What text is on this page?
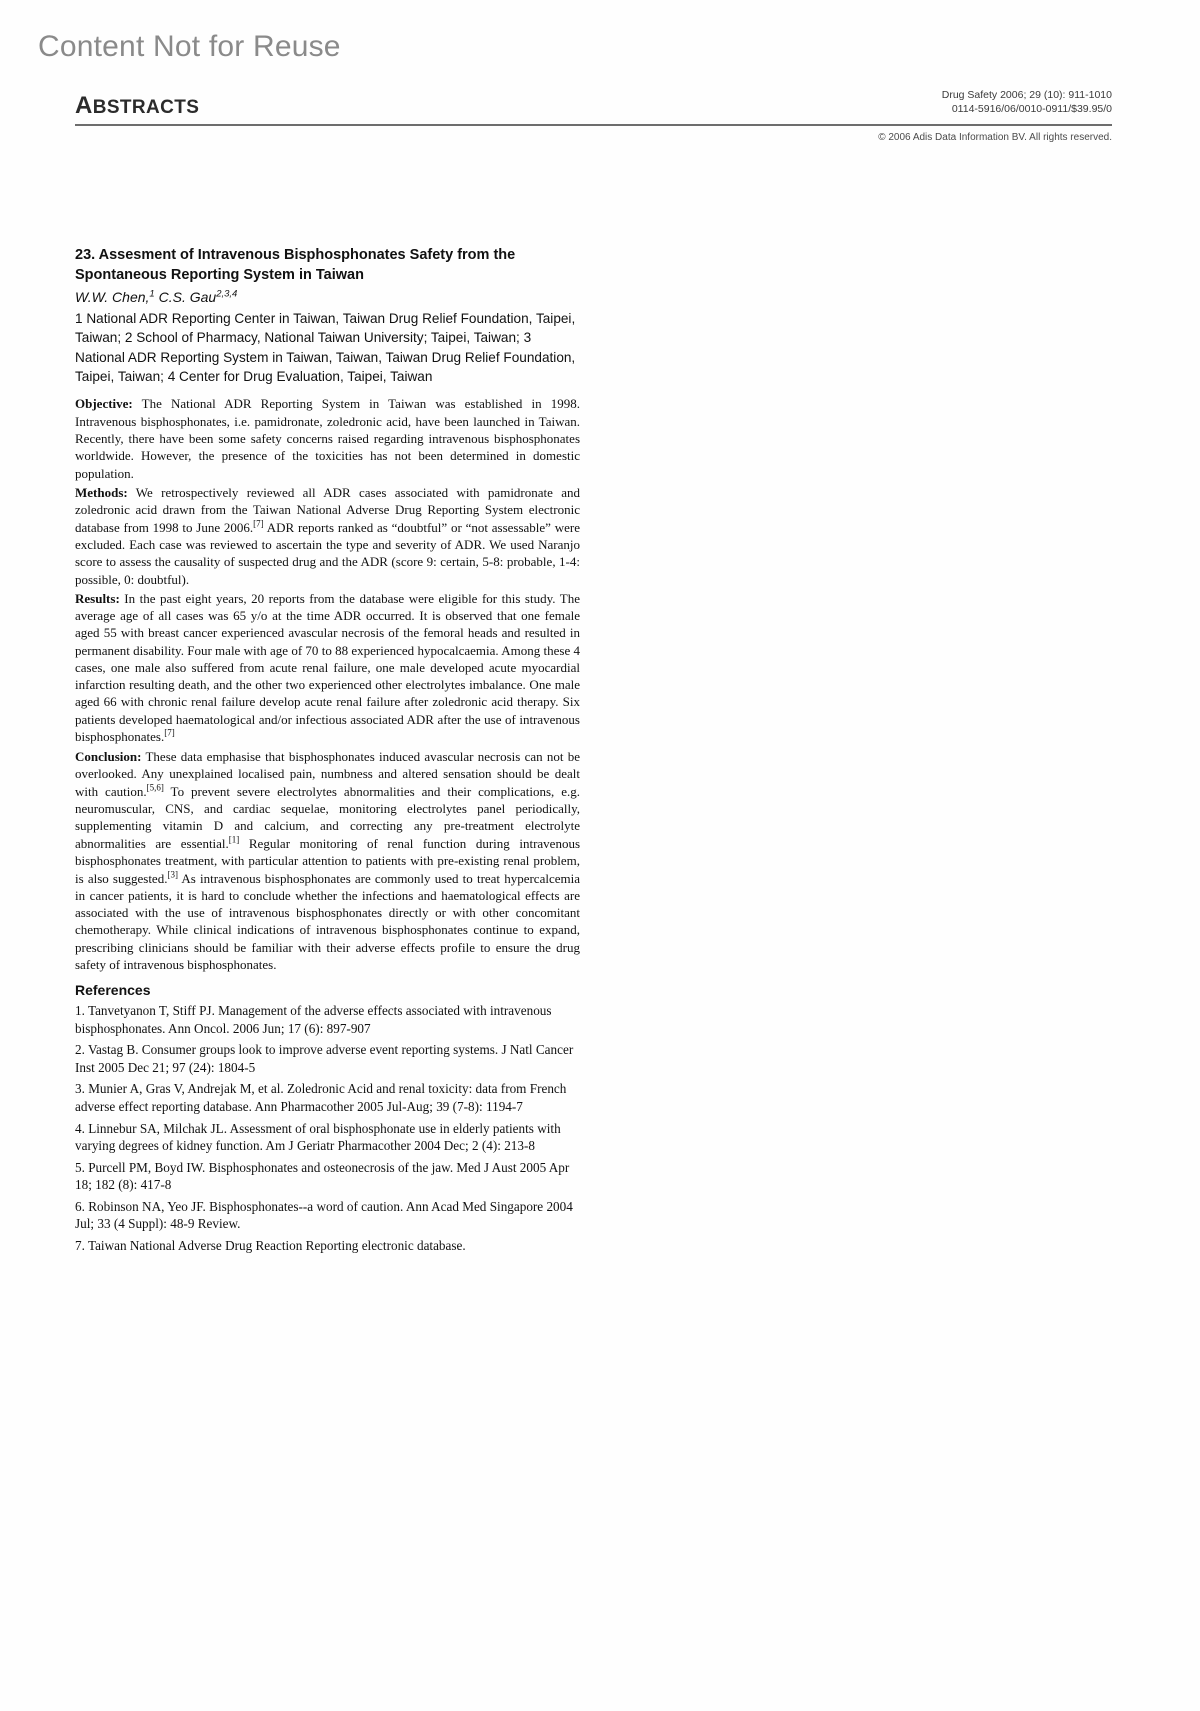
Content Not for Reuse
ABSTRACTS
Drug Safety 2006; 29 (10): 911-1010
0114-5916/06/0010-0911/$39.95/0
© 2006 Adis Data Information BV. All rights reserved.
23. Assesment of Intravenous Bisphosphonates Safety from the Spontaneous Reporting System in Taiwan
W.W. Chen,$^1$ C.S. Gau$^{2,3,4}$
1 National ADR Reporting Center in Taiwan, Taiwan Drug Relief Foundation, Taipei, Taiwan; 2 School of Pharmacy, National Taiwan University; Taipei, Taiwan; 3 National ADR Reporting System in Taiwan, Taiwan, Taiwan Drug Relief Foundation, Taipei, Taiwan; 4 Center for Drug Evaluation, Taipei, Taiwan

Objective: The National ADR Reporting System in Taiwan was established in 1998. Intravenous bisphosphonates, i.e. pamidronate, zoledronic acid, have been launched in Taiwan. Recently, there have been some safety concerns raised regarding intravenous bisphosphonates worldwide. However, the presence of the toxicities has not been determined in domestic population.

Methods: We retrospectively reviewed all ADR cases associated with pamidronate and zoledronic acid drawn from the Taiwan National Adverse Drug Reporting System electronic database from 1998 to June 2006.[7] ADR reports ranked as “doubtful” or “not assessable” were excluded. Each case was reviewed to ascertain the type and severity of ADR. We used Naranjo score to assess the causality of suspected drug and the ADR (score 9: certain, 5-8: probable, 1-4: possible, 0: doubtful).

Results: In the past eight years, 20 reports from the database were eligible for this study. The average age of all cases was 65 y/o at the time ADR occurred. It is observed that one female aged 55 with breast cancer experienced avascular necrosis of the femoral heads and resulted in permanent disability. Four male with age of 70 to 88 experienced hypocalcaemia. Among these 4 cases, one male also suffered from acute renal failure, one male developed acute myocardial infarction resulting death, and the other two experienced other electrolytes imbalance. One male aged 66 with chronic renal failure develop acute renal failure after zoledronic acid therapy. Six patients developed haematological and/or infectious associated ADR after the use of intravenous bisphosphonates.[7]

Conclusion: These data emphasise that bisphosphonates induced avascular necrosis can not be overlooked. Any unexplained localised pain, numbness and altered sensation should be dealt with caution.[5,6] To prevent severe electrolytes abnormalities and their complications, e.g. neuromuscular, CNS, and cardiac sequelae, monitoring electrolytes panel periodically, supplementing vitamin D and calcium, and correcting any pre-treatment electrolyte abnormalities are essential.[1] Regular monitoring of renal function during intravenous bisphosphonates treatment, with particular attention to patients with pre-existing renal problem, is also suggested.[3] As intravenous bisphosphonates are commonly used to treat hypercalcemia in cancer patients, it is hard to conclude whether the infections and haematological effects are associated with the use of intravenous bisphosphonates directly or with other concomitant chemotherapy. While clinical indications of intravenous bisphosphonates continue to expand, prescribing clinicians should be familiar with their adverse effects profile to ensure the drug safety of intravenous bisphosphonates.

References

1. Tanvetyanon T, Stiff PJ. Management of the adverse effects associated with intravenous bisphosphonates. Ann Oncol. 2006 Jun; 17 (6): 897-907

2. Vastag B. Consumer groups look to improve adverse event reporting systems. J Natl Cancer Inst 2005 Dec 21; 97 (24): 1804-5

3. Munier A, Gras V, Andrejak M, et al. Zoledronic Acid and renal toxicity: data from French adverse effect reporting database. Ann Pharmacother 2005 Jul-Aug; 39 (7-8): 1194-7

4. Linnebur SA, Milchak JL. Assessment of oral bisphosphonate use in elderly patients with varying degrees of kidney function. Am J Geriatr Pharmacother 2004 Dec; 2 (4): 213-8

5. Purcell PM, Boyd IW. Bisphosphonates and osteonecrosis of the jaw. Med J Aust 2005 Apr 18; 182 (8): 417-8

6. Robinson NA, Yeo JF. Bisphosphonates--a word of caution. Ann Acad Med Singapore 2004 Jul; 33 (4 Suppl): 48-9 Review.

7. Taiwan National Adverse Drug Reaction Reporting electronic database.
